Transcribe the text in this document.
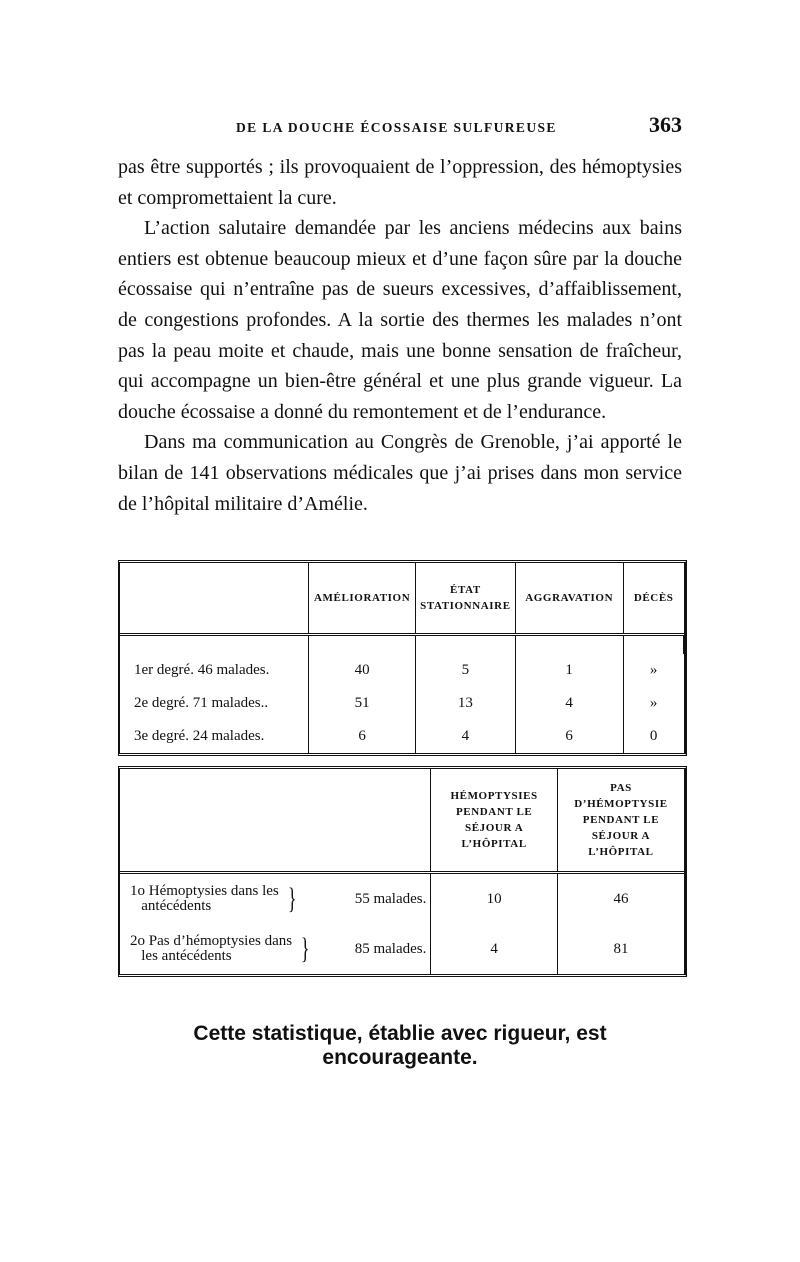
DE LA DOUCHE ÉCOSSAISE SULFUREUSE	363

pas être supportés ; ils provoquaient de l’oppression, des hémoptysies et compromettaient la cure.

L’action salutaire demandée par les anciens médecins aux bains entiers est obtenue beaucoup mieux et d’une façon sûre par la douche écossaise qui n’entraîne pas de sueurs excessives, d’affaiblissement, de congestions profondes. A la sortie des thermes les malades n’ont pas la peau moite et chaude, mais une bonne sensation de fraîcheur, qui accompagne un bien-être général et une plus grande vigueur. La douche écossaise a donné du remontement et de l’endurance.

Dans ma communication au Congrès de Grenoble, j’ai apporté le bilan de 141 observations médicales que j’ai prises dans mon service de l’hôpital militaire d’Amélie.

	AMÉLIORATION	ÉTAT STATIONNAIRE	AGGRAVATION	DÉCÈS

1er degré. 46 malades.	40	5	1	»
2e degré. 71 malades..	51	13	4	»
3e degré. 24 malades.	6	4	6	0
		HÉMOPTYSIES PENDANT LE SÉJOUR A L’HÔPITAL	PAS D’HÉMOPTYSIE PENDANT LE SÉJOUR A L’HÔPITAL
1o Hémoptysies dans les
antécédents }	55 malades.	10	46
2o Pas d’hémoptysies dans
les antécédents }	85 malades.	4	81
Cette statistique, établie avec rigueur, est encourageante.
